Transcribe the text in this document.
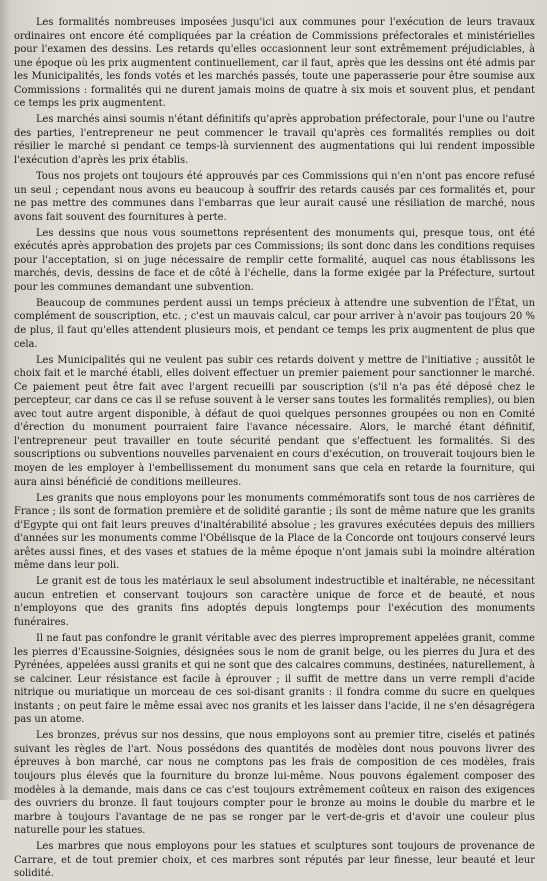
Les formalités nombreuses imposées jusqu'ici aux communes pour l'exécution de leurs travaux ordinaires ont encore été compliquées par la création de Commissions préfectorales et ministérielles pour l'examen des dessins. Les retards qu'elles occasionnent leur sont extrêmement préjudiciables, à une époque où les prix augmentent continuellement, car il faut, après que les dessins ont été admis par les Municipalités, les fonds votés et les marchés passés, toute une paperasserie pour être soumise aux Commissions : formalités qui ne durent jamais moins de quatre à six mois et souvent plus, et pendant ce temps les prix augmentent.

Les marchés ainsi soumis n'étant définitifs qu'après approbation préfectorale, pour l'une ou l'autre des parties, l'entrepreneur ne peut commencer le travail qu'après ces formalités remplies ou doit résilier le marché si pendant ce temps-là surviennent des augmentations qui lui rendent impossible l'exécution d'après les prix établis.

Tous nos projets ont toujours été approuvés par ces Commissions qui n'en n'ont pas encore refusé un seul ; cependant nous avons eu beaucoup à souffrir des retards causés par ces formalités et, pour ne pas mettre des communes dans l'embarras que leur aurait causé une résiliation de marché, nous avons fait souvent des fournitures à perte.

Les dessins que nous vous soumettons représentent des monuments qui, presque tous, ont été exécutés après approbation des projets par ces Commissions; ils sont donc dans les conditions requises pour l'acceptation, si on juge nécessaire de remplir cette formalité, auquel cas nous établissons les marchés, devis, dessins de face et de côté à l'échelle, dans la forme exigée par la Préfecture, surtout pour les communes demandant une subvention.

Beaucoup de communes perdent aussi un temps précieux à attendre une subvention de l'État, un complément de souscription, etc. ; c'est un mauvais calcul, car pour arriver à n'avoir pas toujours 20 % de plus, il faut qu'elles attendent plusieurs mois, et pendant ce temps les prix augmentent de plus que cela.

Les Municipalités qui ne veulent pas subir ces retards doivent y mettre de l'initiative ; aussitôt le choix fait et le marché établi, elles doivent effectuer un premier paiement pour sanctionner le marché. Ce paiement peut être fait avec l'argent recueilli par souscription (s'il n'a pas été déposé chez le percepteur, car dans ce cas il se refuse souvent à le verser sans toutes les formalités remplies), ou bien avec tout autre argent disponible, à défaut de quoi quelques personnes groupées ou non en Comité d'érection du monument pourraient faire l'avance nécessaire. Alors, le marché étant définitif, l'entrepreneur peut travailler en toute sécurité pendant que s'effectuent les formalités. Si des souscriptions ou subventions nouvelles parvenaient en cours d'exécution, on trouverait toujours bien le moyen de les employer à l'embellissement du monument sans que cela en retarde la fourniture, qui aura ainsi bénéficié de conditions meilleures.

Les granits que nous employons pour les monuments commémoratifs sont tous de nos carrières de France ; ils sont de formation première et de solidité garantie ; ils sont de même nature que les granits d'Egypte qui ont fait leurs preuves d'inaltérabilité absolue ; les gravures exécutées depuis des milliers d'années sur les monuments comme l'Obélisque de la Place de la Concorde ont toujours conservé leurs arêtes aussi fines, et des vases et statues de la même époque n'ont jamais subi la moindre altération même dans leur poli.

Le granit est de tous les matériaux le seul absolument indestructible et inaltérable, ne nécessitant aucun entretien et conservant toujours son caractère unique de force et de beauté, et nous n'employons que des granits fins adoptés depuis longtemps pour l'exécution des monuments funéraires.

Il ne faut pas confondre le granit véritable avec des pierres improprement appelées granit, comme les pierres d'Ecaussine-Soignies, désignées sous le nom de granit belge, ou les pierres du Jura et des Pyrénées, appelées aussi granits et qui ne sont que des calcaires communs, destinées, naturellement, à se calciner. Leur résistance est facile à éprouver ; il suffit de mettre dans un verre rempli d'acide nitrique ou muriatique un morceau de ces soi-disant granits : il fondra comme du sucre en quelques instants ; on peut faire le même essai avec nos granits et les laisser dans l'acide, il ne s'en désagrégera pas un atome.

Les bronzes, prévus sur nos dessins, que nous employons sont au premier titre, ciselés et patinés suivant les règles de l'art. Nous possédons des quantités de modèles dont nous pouvons livrer des épreuves à bon marché, car nous ne comptons pas les frais de composition de ces modèles, frais toujours plus élevés que la fourniture du bronze lui-même. Nous pouvons également composer des modèles à la demande, mais dans ce cas c'est toujours extrêmement coûteux en raison des exigences des ouvriers du bronze. Il faut toujours compter pour le bronze au moins le double du marbre et le marbre à toujours l'avantage de ne pas se ronger par le vert-de-gris et d'avoir une couleur plus naturelle pour les statues.

Les marbres que nous employons pour les statues et sculptures sont toujours de provenance de Carrare, et de tout premier choix, et ces marbres sont réputés par leur finesse, leur beauté et leur solidité.
